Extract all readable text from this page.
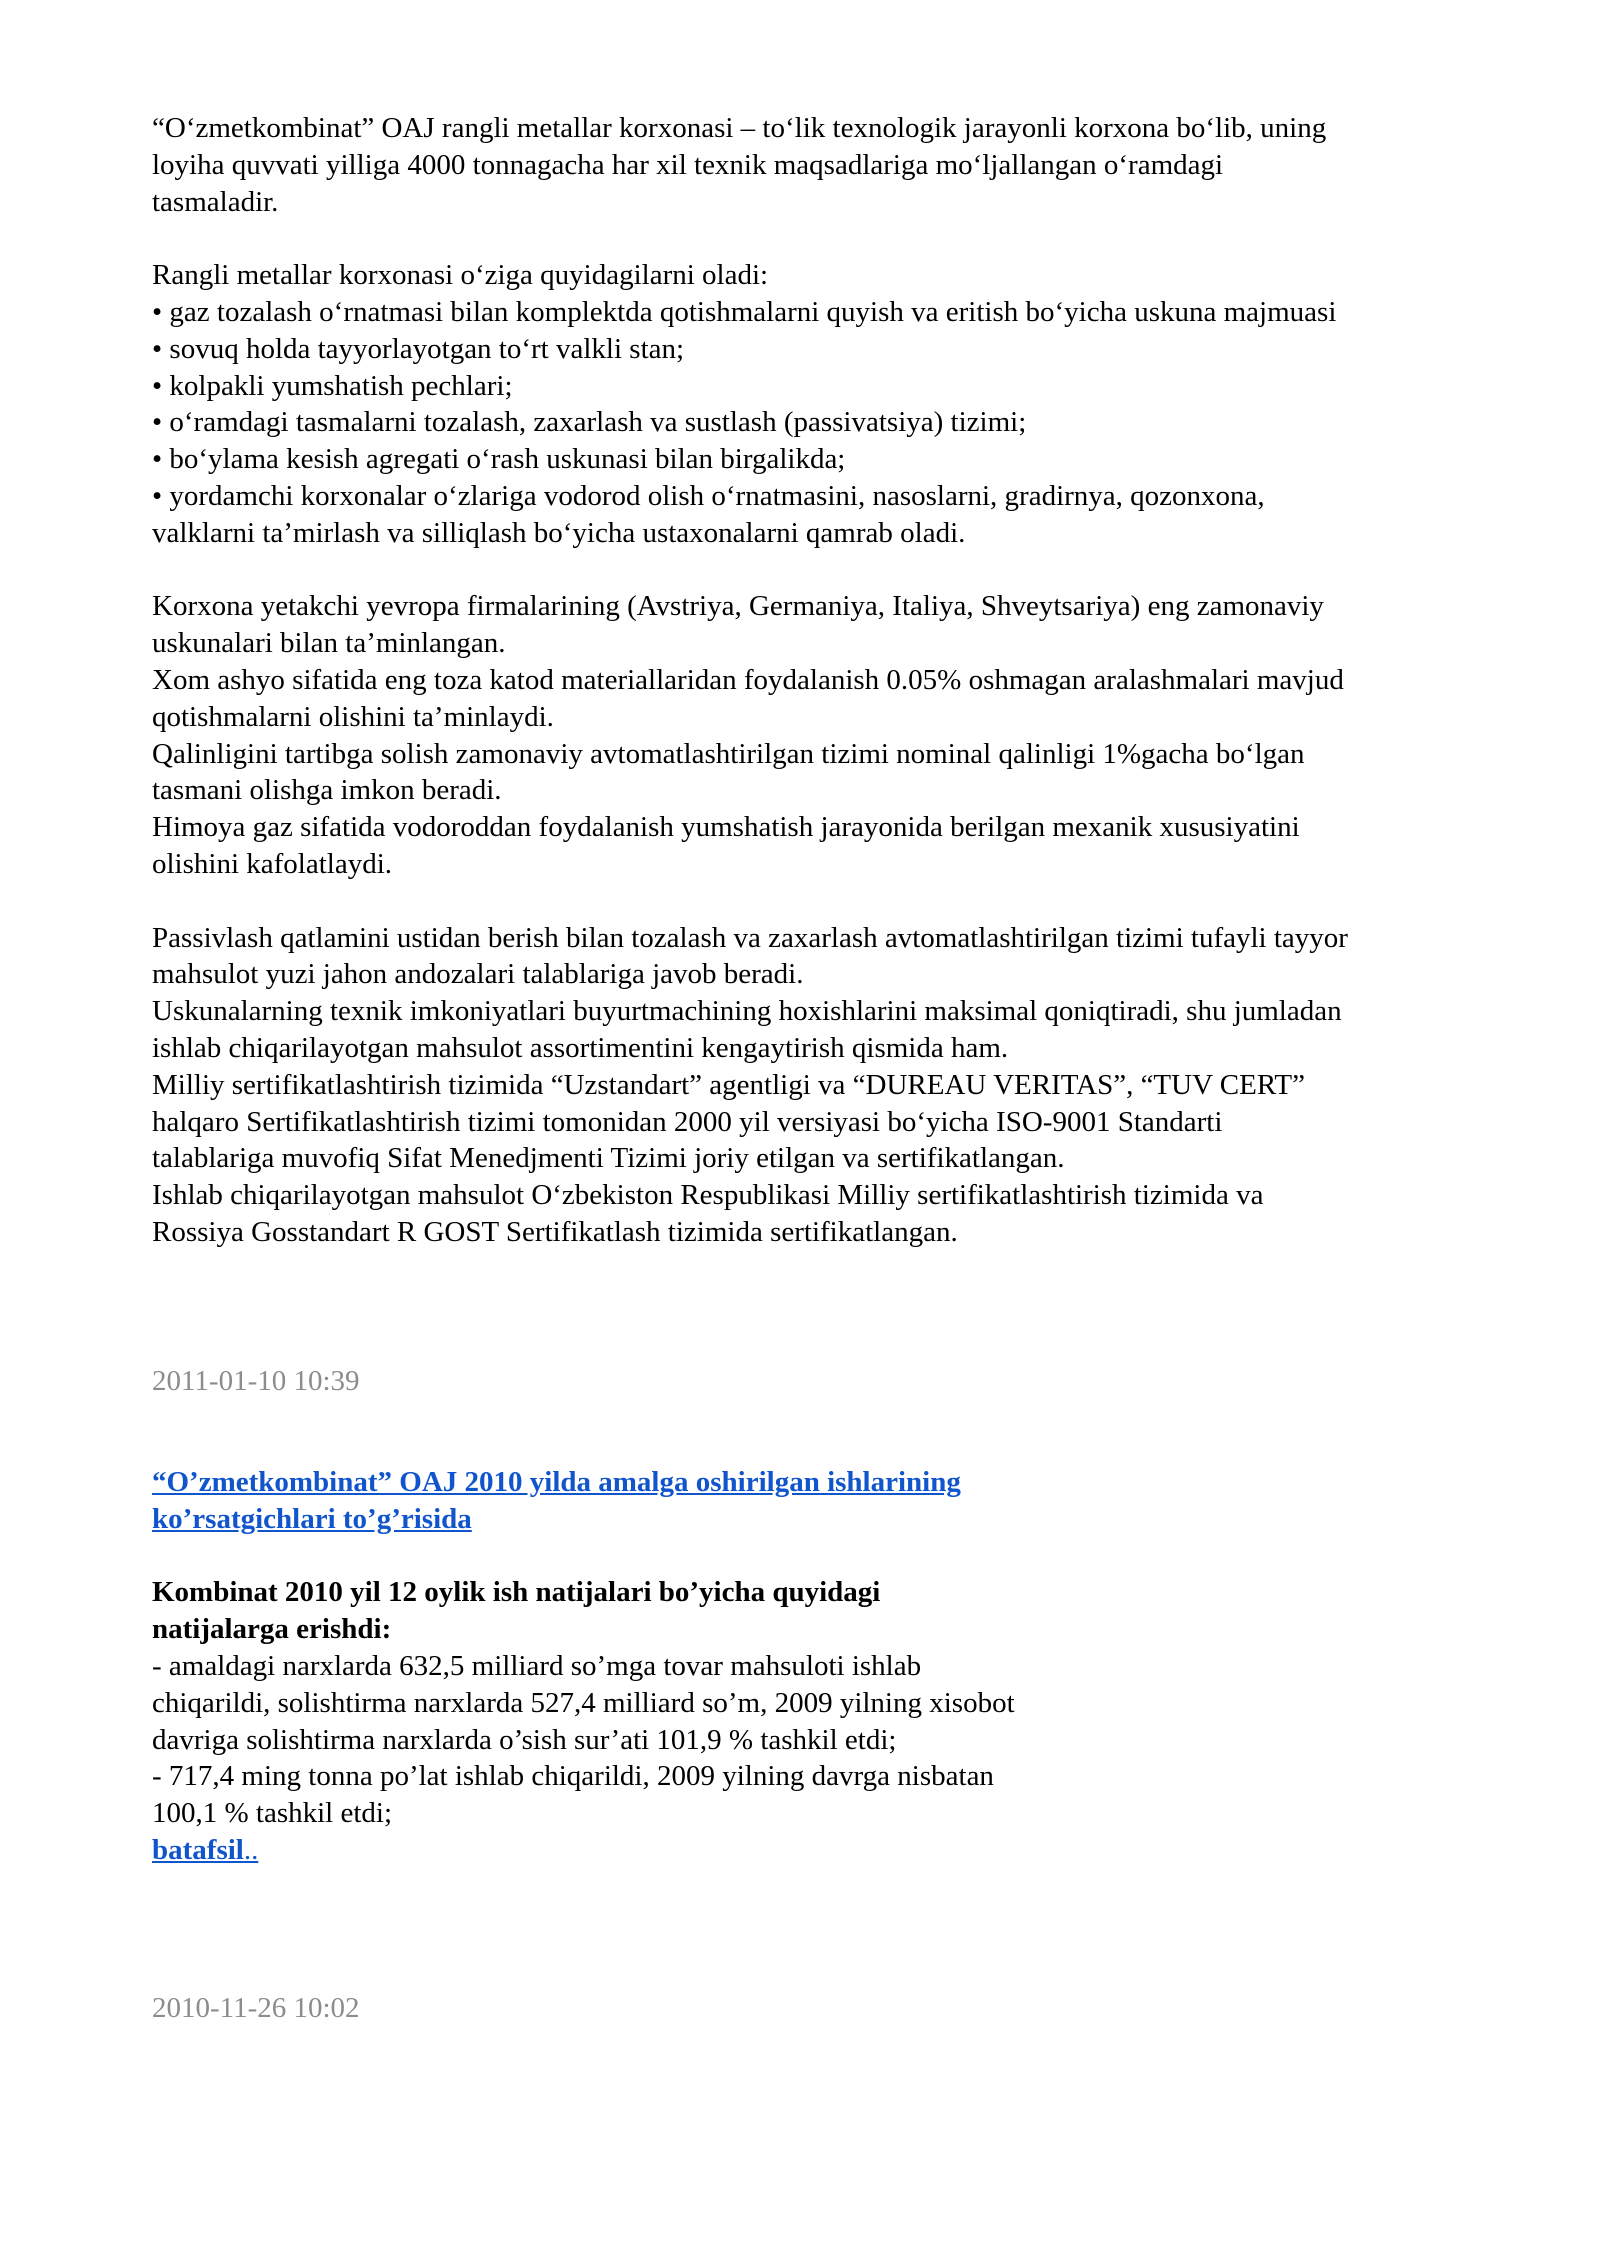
“O‘zmetkombinat” OAJ rangli metallar korxonasi – to‘lik texnologik jarayonli korxona bo‘lib, uning
loyiha quvvati yilliga 4000 tonnagacha har xil texnik maqsadlariga mo‘ljallangan o‘ramdagi
tasmaladir.
Rangli metallar korxonasi o‘ziga quyidagilarni oladi:
• gaz tozalash o‘rnatmasi bilan komplektda qotishmalarni quyish va eritish bo‘yicha uskuna majmuasi
• sovuq holda tayyorlayotgan to‘rt valkli stan;
• kolpakli yumshatish pechlari;
• o‘ramdagi tasmalarni tozalash, zaxarlash va sustlash (passivatsiya) tizimi;
• bo‘ylama kesish agregati o‘rash uskunasi bilan birgalikda;
• yordamchi korxonalar o‘zlariga vodorod olish o‘rnatmasini, nasoslarni, gradirnya, qozonxona,
valklarni ta’mirlash va silliqlash bo‘yicha ustaxonalarni qamrab oladi.
Korxona yetakchi yevropa firmalarining (Avstriya, Germaniya, Italiya, Shveytsariya) eng zamonaviy
uskunalari bilan ta’minlangan.
Xom ashyo sifatida eng toza katod materiallaridan foydalanish 0.05% oshmagan aralashmalari mavjud
qotishmalarni olishini ta’minlaydi.
Qalinligini tartibga solish zamonaviy avtomatlashtirilgan tizimi nominal qalinligi 1%gacha bo‘lgan
tasmani olishga imkon beradi.
Himoya gaz sifatida vodoroddan foydalanish yumshatish jarayonida berilgan mexanik xususiyatini
olishini kafolatlaydi.
Passivlash qatlamini ustidan berish bilan tozalash va zaxarlash avtomatlashtirilgan tizimi tufayli tayyor
mahsulot yuzi jahon andozalari talablariga javob beradi.
Uskunalarning texnik imkoniyatlari buyurtmachining hoxishlarini maksimal qoniqtiradi, shu jumladan
ishlab chiqarilayotgan mahsulot assortimentini kengaytirish qismida ham.
Milliy sertifikatlashtirish tizimida “Uzstandart” agentligi va “DUREAU VERITAS”, “TUV CERT”
halqaro Sertifikatlashtirish tizimi tomonidan 2000 yil versiyasi bo‘yicha ISO-9001 Standarti
talablariga muvofiq Sifat Menedjmenti Tizimi joriy etilgan va sertifikatlangan.
Ishlab chiqarilayotgan mahsulot O‘zbekiston Respublikasi Milliy sertifikatlashtirish tizimida va
Rossiya Gosstandart R GOST Sertifikatlash tizimida sertifikatlangan.
2011-01-10 10:39
“O’zmetkombinat” OAJ 2010 yilda amalga oshirilgan ishlarining
ko’rsatgichlari to’g’risida
Kombinat 2010 yil 12 oylik ish natijalari bo’yicha quyidagi
natijalarga erishdi:
- amaldagi narxlarda 632,5 milliard so’mga tovar mahsuloti ishlab
chiqarildi, solishtirma narxlarda 527,4 milliard so’m, 2009 yilning xisobot
davriga solishtirma narxlarda o’sish sur’ati 101,9 % tashkil etdi;
- 717,4 ming tonna po’lat ishlab chiqarildi, 2009 yilning davrga nisbatan
100,1 % tashkil etdi;
batafsil..
2010-11-26 10:02
